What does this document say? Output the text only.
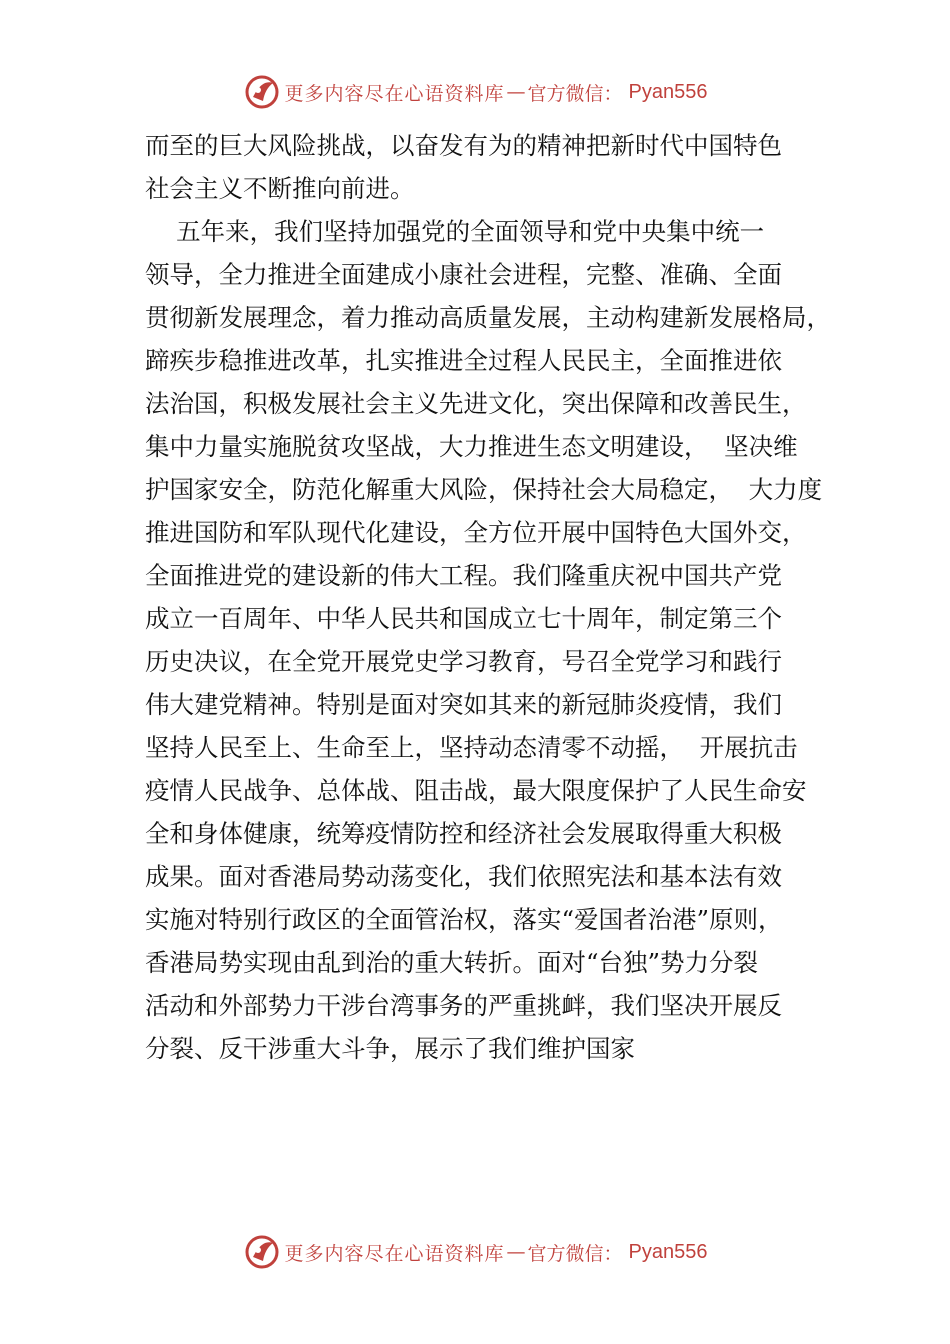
更多内容尽在心语资料库 — 官方微信： Pyan556
而至的巨大风险挑战，以奋发有为的精神把新时代中国特色
社会主义不断推向前进。
五年来，我们坚持加强党的全面领导和党中央集中统一
领导，全力推进全面建成小康社会进程，完整、准确、全面
贯彻新发展理念，着力推动高质量发展，主动构建新发展格局，
蹄疾步稳推进改革，扎实推进全过程人民民主，全面推进依
法治国，积极发展社会主义先进文化，突出保障和改善民生，
集中力量实施脱贫攻坚战，大力推进生态文明建设，  坚决维
护国家安全，防范化解重大风险，保持社会大局稳定，  大力度
推进国防和军队现代化建设，全方位开展中国特色大国外交，
全面推进党的建设新的伟大工程。我们隆重庆祝中国共产党
成立一百周年、中华人民共和国成立七十周年，制定第三个
历史决议，在全党开展党史学习教育，号召全党学习和践行
伟大建党精神。特别是面对突如其来的新冠肺炎疫情，我们
坚持人民至上、生命至上，坚持动态清零不动摇，  开展抗击
疫情人民战争、总体战、阻击战，最大限度保护了人民生命安
全和身体健康，统筹疫情防控和经济社会发展取得重大积极
成果。面对香港局势动荡变化，我们依照宪法和基本法有效
实施对特别行政区的全面管治权，落实“爱国者治港”原则，
香港局势实现由乱到治的重大转折。面对“台独”势力分裂
活动和外部势力干涉台湾事务的严重挑衅，我们坚决开展反
分裂、反干涉重大斗争，展示了我们维护国家
更多内容尽在心语资料库 — 官方微信： Pyan556
